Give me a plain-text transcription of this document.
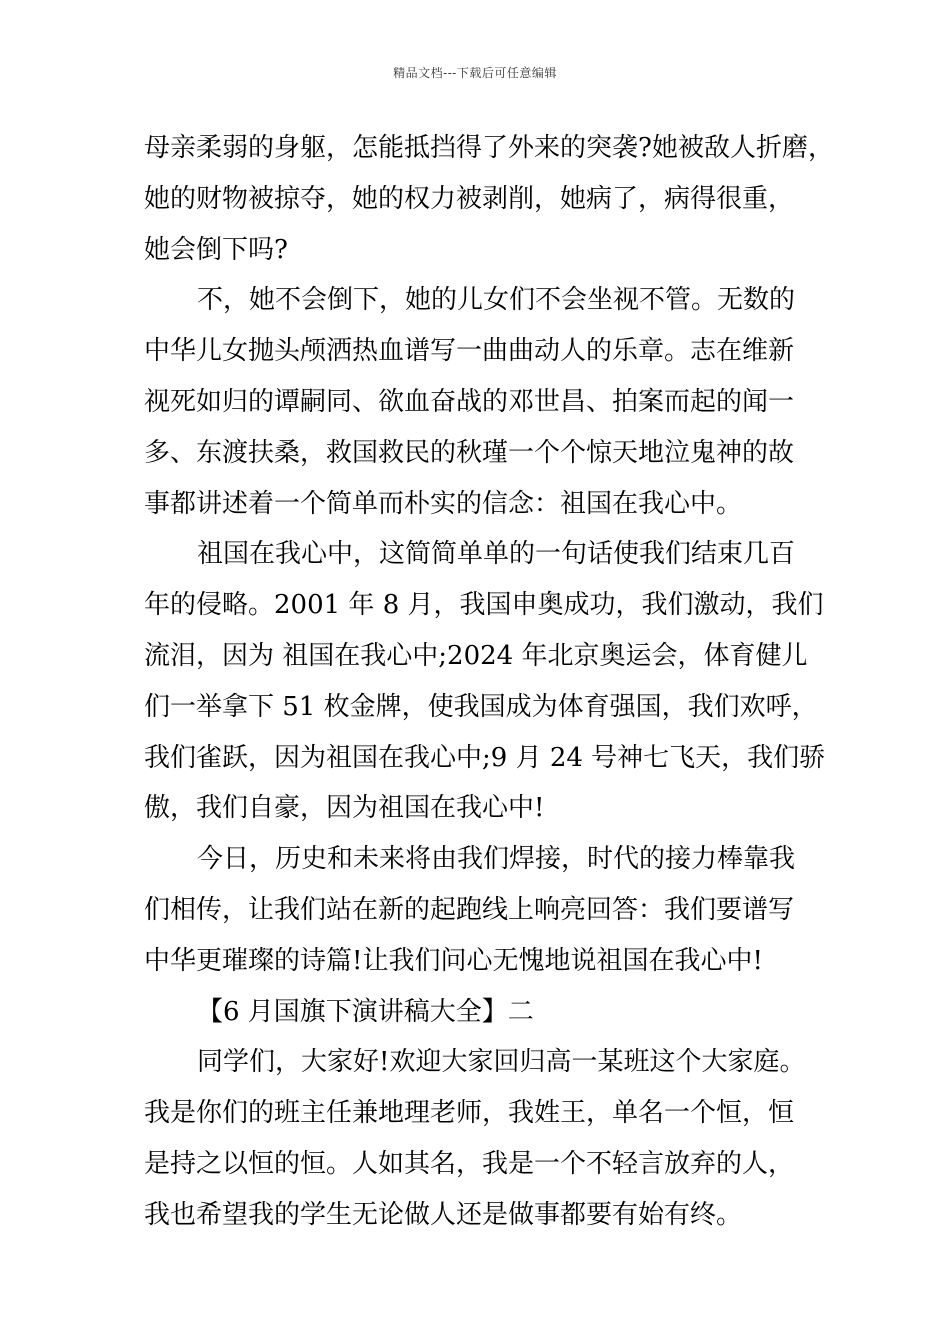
精品文档---下载后可任意编辑
母亲柔弱的身躯，怎能抵挡得了外来的突袭?她被敌人折磨，
她的财物被掠夺，她的权力被剥削，她病了，病得很重，
她会倒下吗?
不，她不会倒下，她的儿女们不会坐视不管。无数的
中华儿女抛头颅洒热血谱写一曲曲动人的乐章。志在维新
视死如归的谭嗣同、欲血奋战的邓世昌、拍案而起的闻一
多、东渡扶桑，救国救民的秋瑾一个个惊天地泣鬼神的故
事都讲述着一个简单而朴实的信念：祖国在我心中。
祖国在我心中，这简简单单的一句话使我们结束几百
年的侵略。2001 年 8 月，我国申奥成功，我们激动，我们
流泪，因为 祖国在我心中;2024 年北京奥运会，体育健儿
们一举拿下 51 枚金牌，使我国成为体育强国，我们欢呼，
我们雀跃，因为祖国在我心中;9 月 24 号神七飞天，我们骄
傲，我们自豪，因为祖国在我心中!
今日，历史和未来将由我们焊接，时代的接力棒靠我
们相传，让我们站在新的起跑线上响亮回答：我们要谱写
中华更璀璨的诗篇!让我们问心无愧地说祖国在我心中!
【6 月国旗下演讲稿大全】二
同学们，大家好!欢迎大家回归高一某班这个大家庭。
我是你们的班主任兼地理老师，我姓王，单名一个恒，恒
是持之以恒的恒。人如其名，我是一个不轻言放弃的人，
我也希望我的学生无论做人还是做事都要有始有终。
